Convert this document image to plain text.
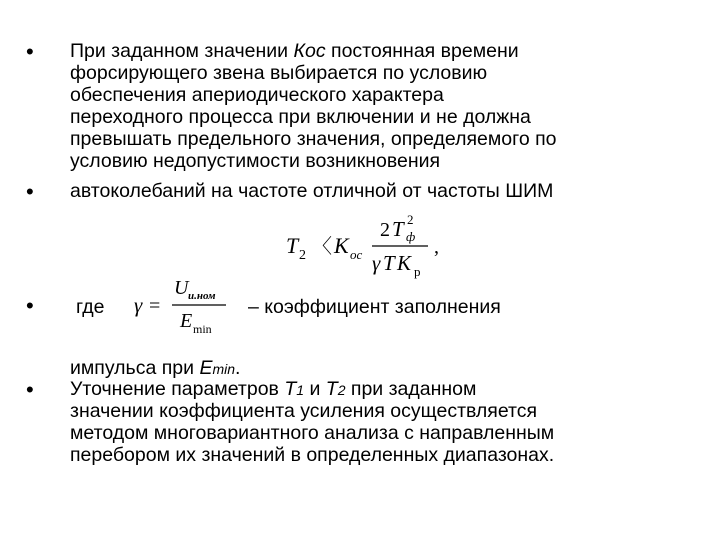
•
•
•
•
При заданном значении Кос постоянная времени
форсирующего звена выбирается по условию
обеспечения апериодического характера
переходного процесса при включении и не должна
превышать предельного значения, определяемого по
условию недопустимости возникновения
автоколебаний на частоте отличной от частоты ШИМ
T 2 〈 K ос
2 T 2
ф
γ T K р
,
где γ =
U и.ном
E min
– коэффициент заполнения
импульса при Emin.
Уточнение параметров T1 и T2 при заданном
значении коэффициента усиления осуществляется
методом многовариантного анализа с направленным
перебором их значений в определенных диапазонах.
